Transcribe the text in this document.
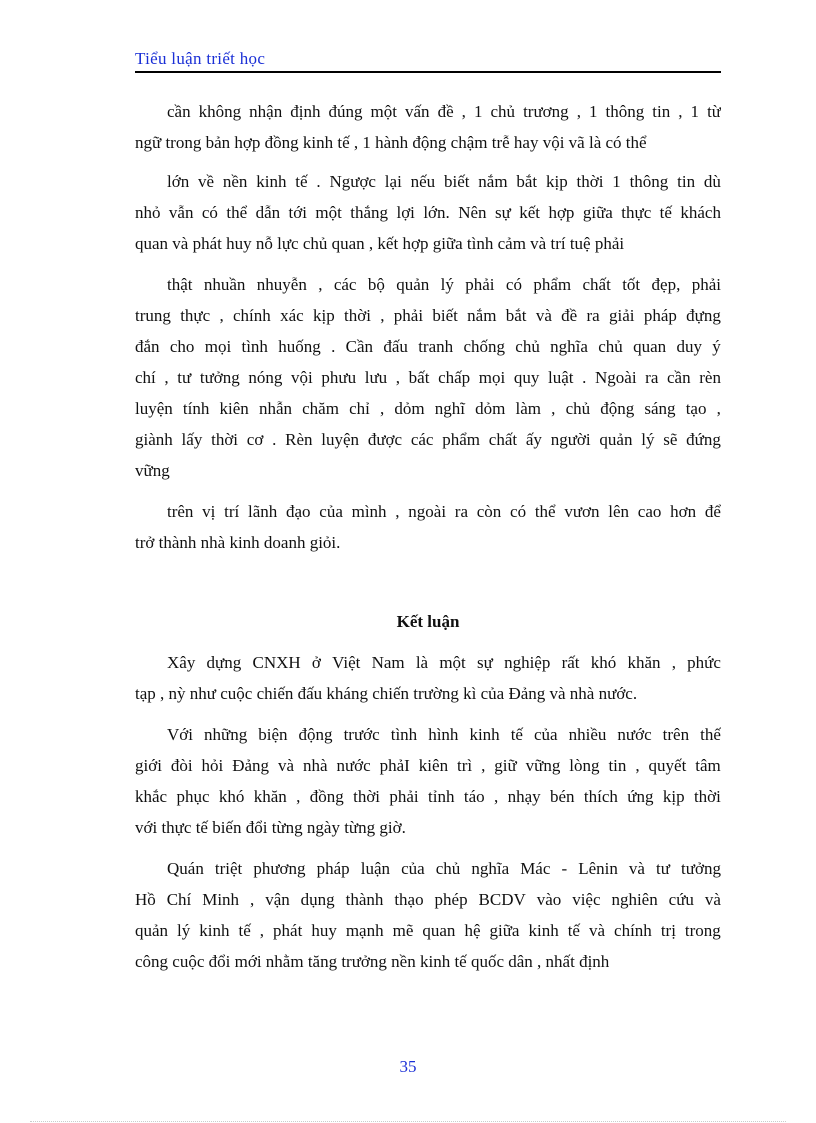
Tiểu luận triết học
cần không nhận định đúng một vấn đề , 1 chủ trương , 1 thông tin , 1 từ
ngữ trong bản hợp đồng kinh tế , 1 hành động chậm trễ hay vội vã là có thể
lớn về nền kinh tế . Ngược lại nếu biết nắm bắt kịp thời 1 thông tin dù
nhỏ vẫn có thể dẫn tới một thắng lợi lớn. Nên sự kết hợp giữa thực tế khách
quan và phát huy nỗ lực chủ quan , kết hợp giữa tình cảm và trí tuệ phải
thật nhuần nhuyễn , các bộ quản lý phải có phẩm chất tốt đẹp, phải
trung thực , chính xác kịp thời , phải biết nắm bắt và đề ra giải pháp đựng
đắn cho mọi tình huống . Cần đấu tranh chống chủ nghĩa chủ quan duy ý
chí , tư tưởng nóng vội phưu lưu , bất chấp mọi quy luật . Ngoài ra cần rèn
luyện tính kiên nhẫn chăm chỉ , dỏm nghĩ dỏm làm , chủ động sáng tạo ,
giành lấy thời cơ . Rèn luyện được các phẩm chất ấy người quản lý sẽ đứng
vững
trên vị trí lãnh đạo của mình , ngoài ra còn có thể vươn lên cao hơn để
trở thành nhà kinh doanh giỏi.
Kết luận
Xây dựng CNXH ở Việt Nam là một sự nghiệp rất khó khăn , phức
tạp , nỳ như cuộc chiến đấu kháng chiến trường kì của Đảng và nhà nước.
Với những biện động trước tình hình kinh tế của nhiều nước trên thế
giới đòi hỏi Đảng và nhà nước phảI kiên trì , giữ vững lòng tin , quyết tâm
khắc phục khó khăn , đồng thời phải tỉnh táo , nhạy bén thích ứng kịp thời
với thực tế biến đổi từng ngày từng giờ.
Quán triệt phương pháp luận của chủ nghĩa Mác - Lênin và tư tưởng
Hồ Chí Minh , vận dụng thành thạo phép BCDV vào việc nghiên cứu và
quản lý kinh tế , phát huy mạnh mẽ quan hệ giữa kinh tế và chính trị trong
công cuộc đổi mới nhằm tăng trưởng nền kinh tế quốc dân , nhất định
35
